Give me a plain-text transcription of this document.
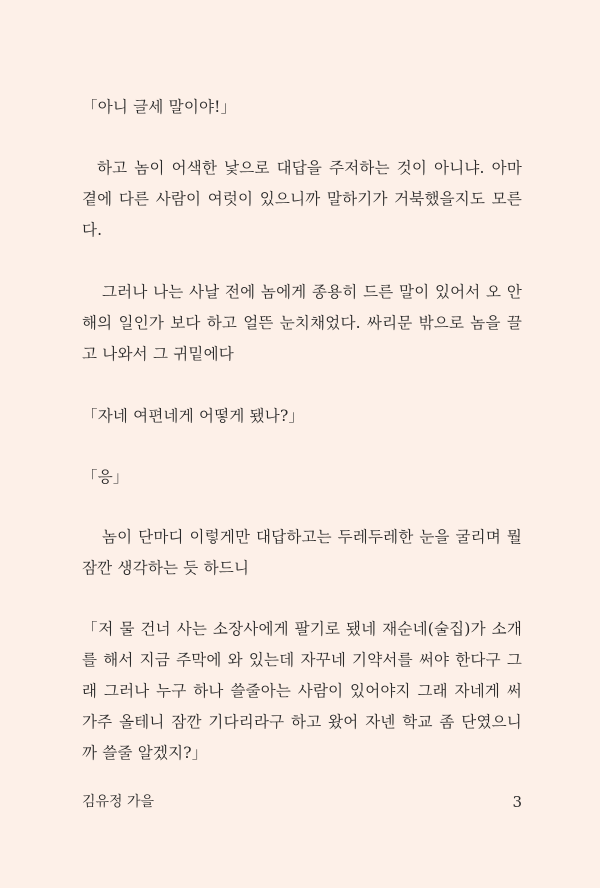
「아니 글세 말이야!」

하고 놈이 어색한 낯으로 대답을 주저하는 것이 아니냐. 아마 곁에 다른 사람이 여럿이 있으니까 말하기가 거북했을지도 모른다.

그러나 나는 사날 전에 놈에게 종용히 드른 말이 있어서 오 안해의 일인가 보다 하고 얼뜬 눈치채었다. 싸리문 밖으로 놈을 끌고 나와서 그 귀밑에다

「자네 여편네게 어떻게 됐나?」

「응」

놈이 단마디 이렇게만 대답하고는 두레두레한 눈을 굴리며 뭘 잠깐 생각하는 듯 하드니

「저 물 건너 사는 소장사에게 팔기로 됐네 재순네(술집)가 소개를 해서 지금 주막에 와 있는데 자꾸네 기약서를 써야 한다구 그래 그러나 누구 하나 쓸줄아는 사람이 있어야지 그래 자네게 써 가주 올테니 잠깐 기다리라구 하고 왔어 자넨 학교 좀 단였으니까 쓸줄 알겠지?」

김유정 가을	3
